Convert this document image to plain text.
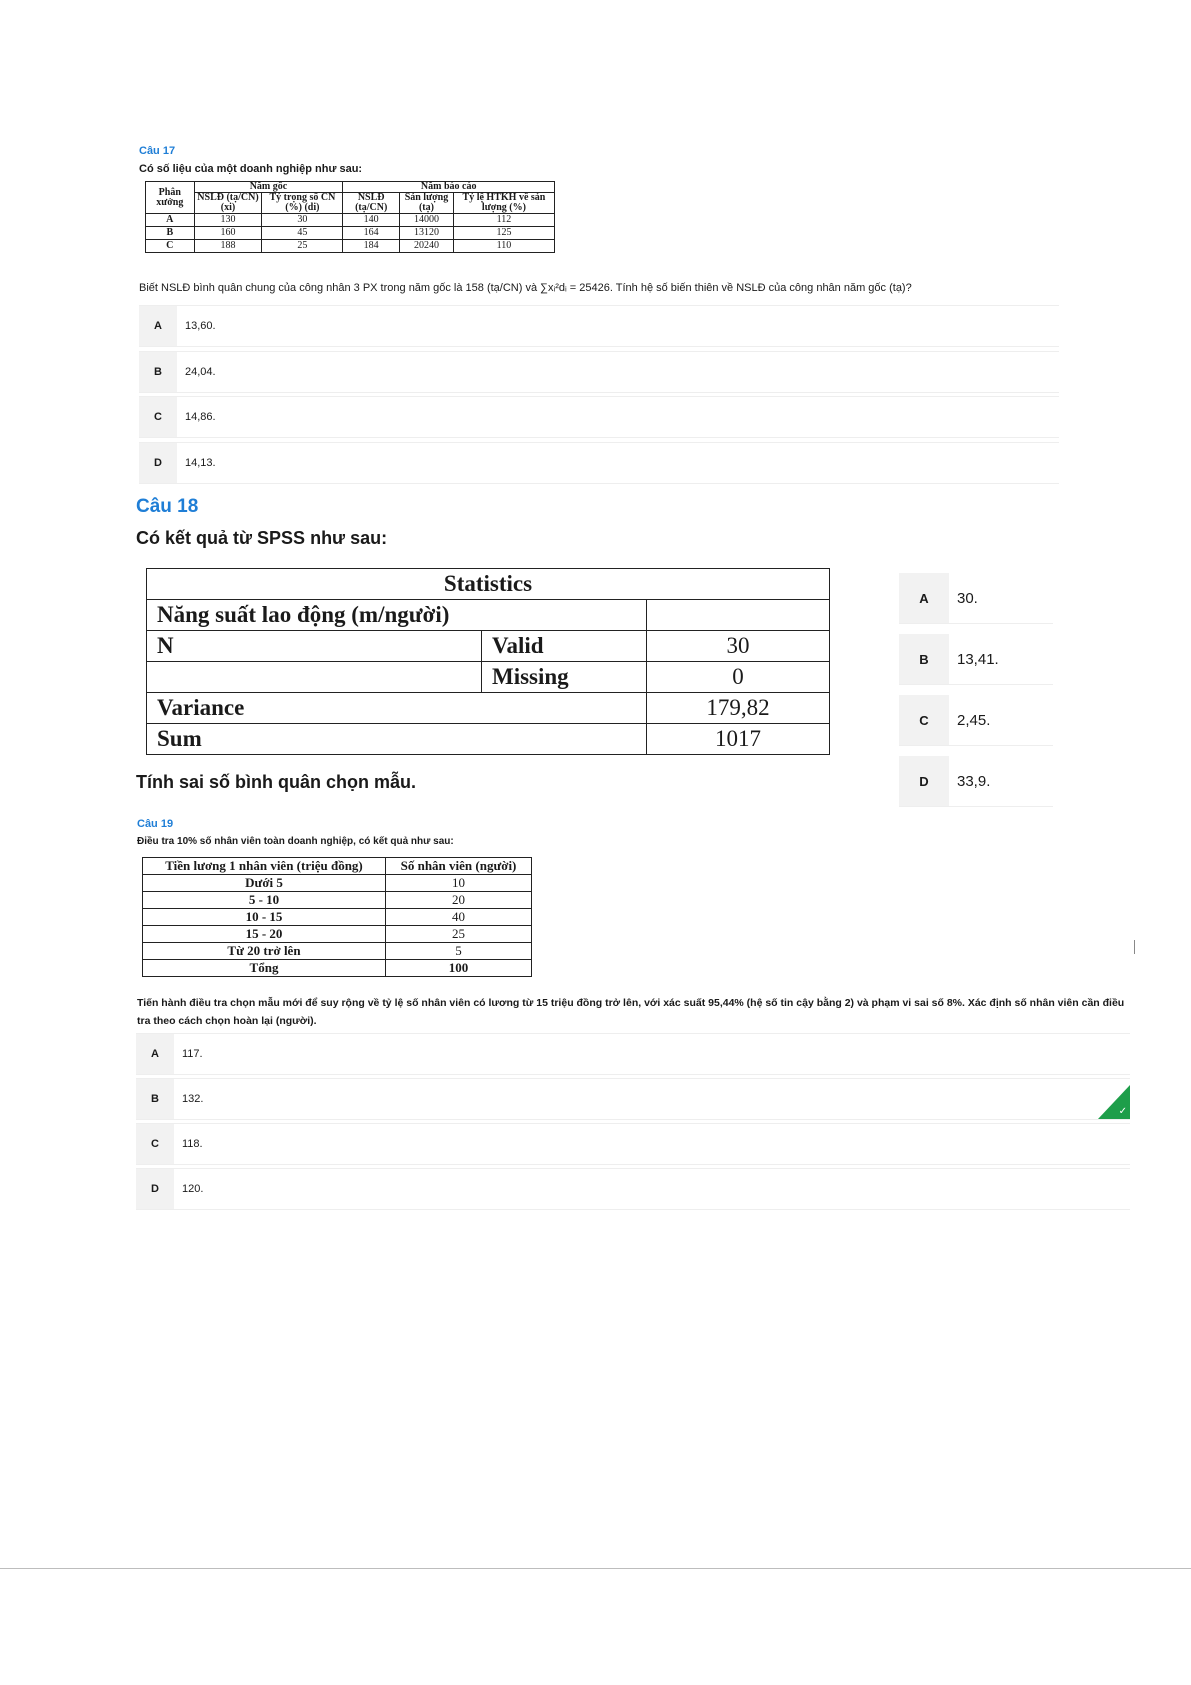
Câu 17
Có số liệu của một doanh nghiệp như sau:
Phân xưởng	Năm gốc		Năm báo cáo		
	NSLĐ (tạ/CN) (xi)	Tỷ trọng số CN (%) (di)	NSLĐ (tạ/CN)	Sản lượng (tạ)	Tỷ lệ HTKH về sản lượng (%)
A	130	30	140	14000	112
B	160	45	164	13120	125
C	188	25	184	20240	110
Biết NSLĐ bình quân chung của công nhân 3 PX trong năm gốc là 158 (tạ/CN) và ∑xᵢ²dᵢ = 25426. Tính hệ số biến thiên về NSLĐ của công nhân năm gốc (tạ)?
A	13,60.
B	24,04.
C	14,86.
D	14,13.
Câu 18
Có kết quả từ SPSS như sau:
Statistics		
Năng suất lao động (m/người)		
N	Valid	30
	Missing	0
Variance		179,82
Sum		1017
Tính sai số bình quân chọn mẫu.
A	30.
B	13,41.
C	2,45.
D	33,9.
Câu 19
Điều tra 10% số nhân viên toàn doanh nghiệp, có kết quả như sau:
Tiền lương 1 nhân viên (triệu đồng)	Số nhân viên (người)
Dưới 5	10
5 - 10	20
10 - 15	40
15 - 20	25
Từ 20 trở lên	5
Tổng	100
Tiến hành điều tra chọn mẫu mới để suy rộng về tỷ lệ số nhân viên có lương từ 15 triệu đồng trở lên, với xác suất 95,44% (hệ số tin cậy bằng 2) và phạm vi sai số 8%. Xác định số nhân viên cần điều tra theo cách chọn hoàn lại (người).
A	117.
B	132.
✓
C	118.
D	120.
